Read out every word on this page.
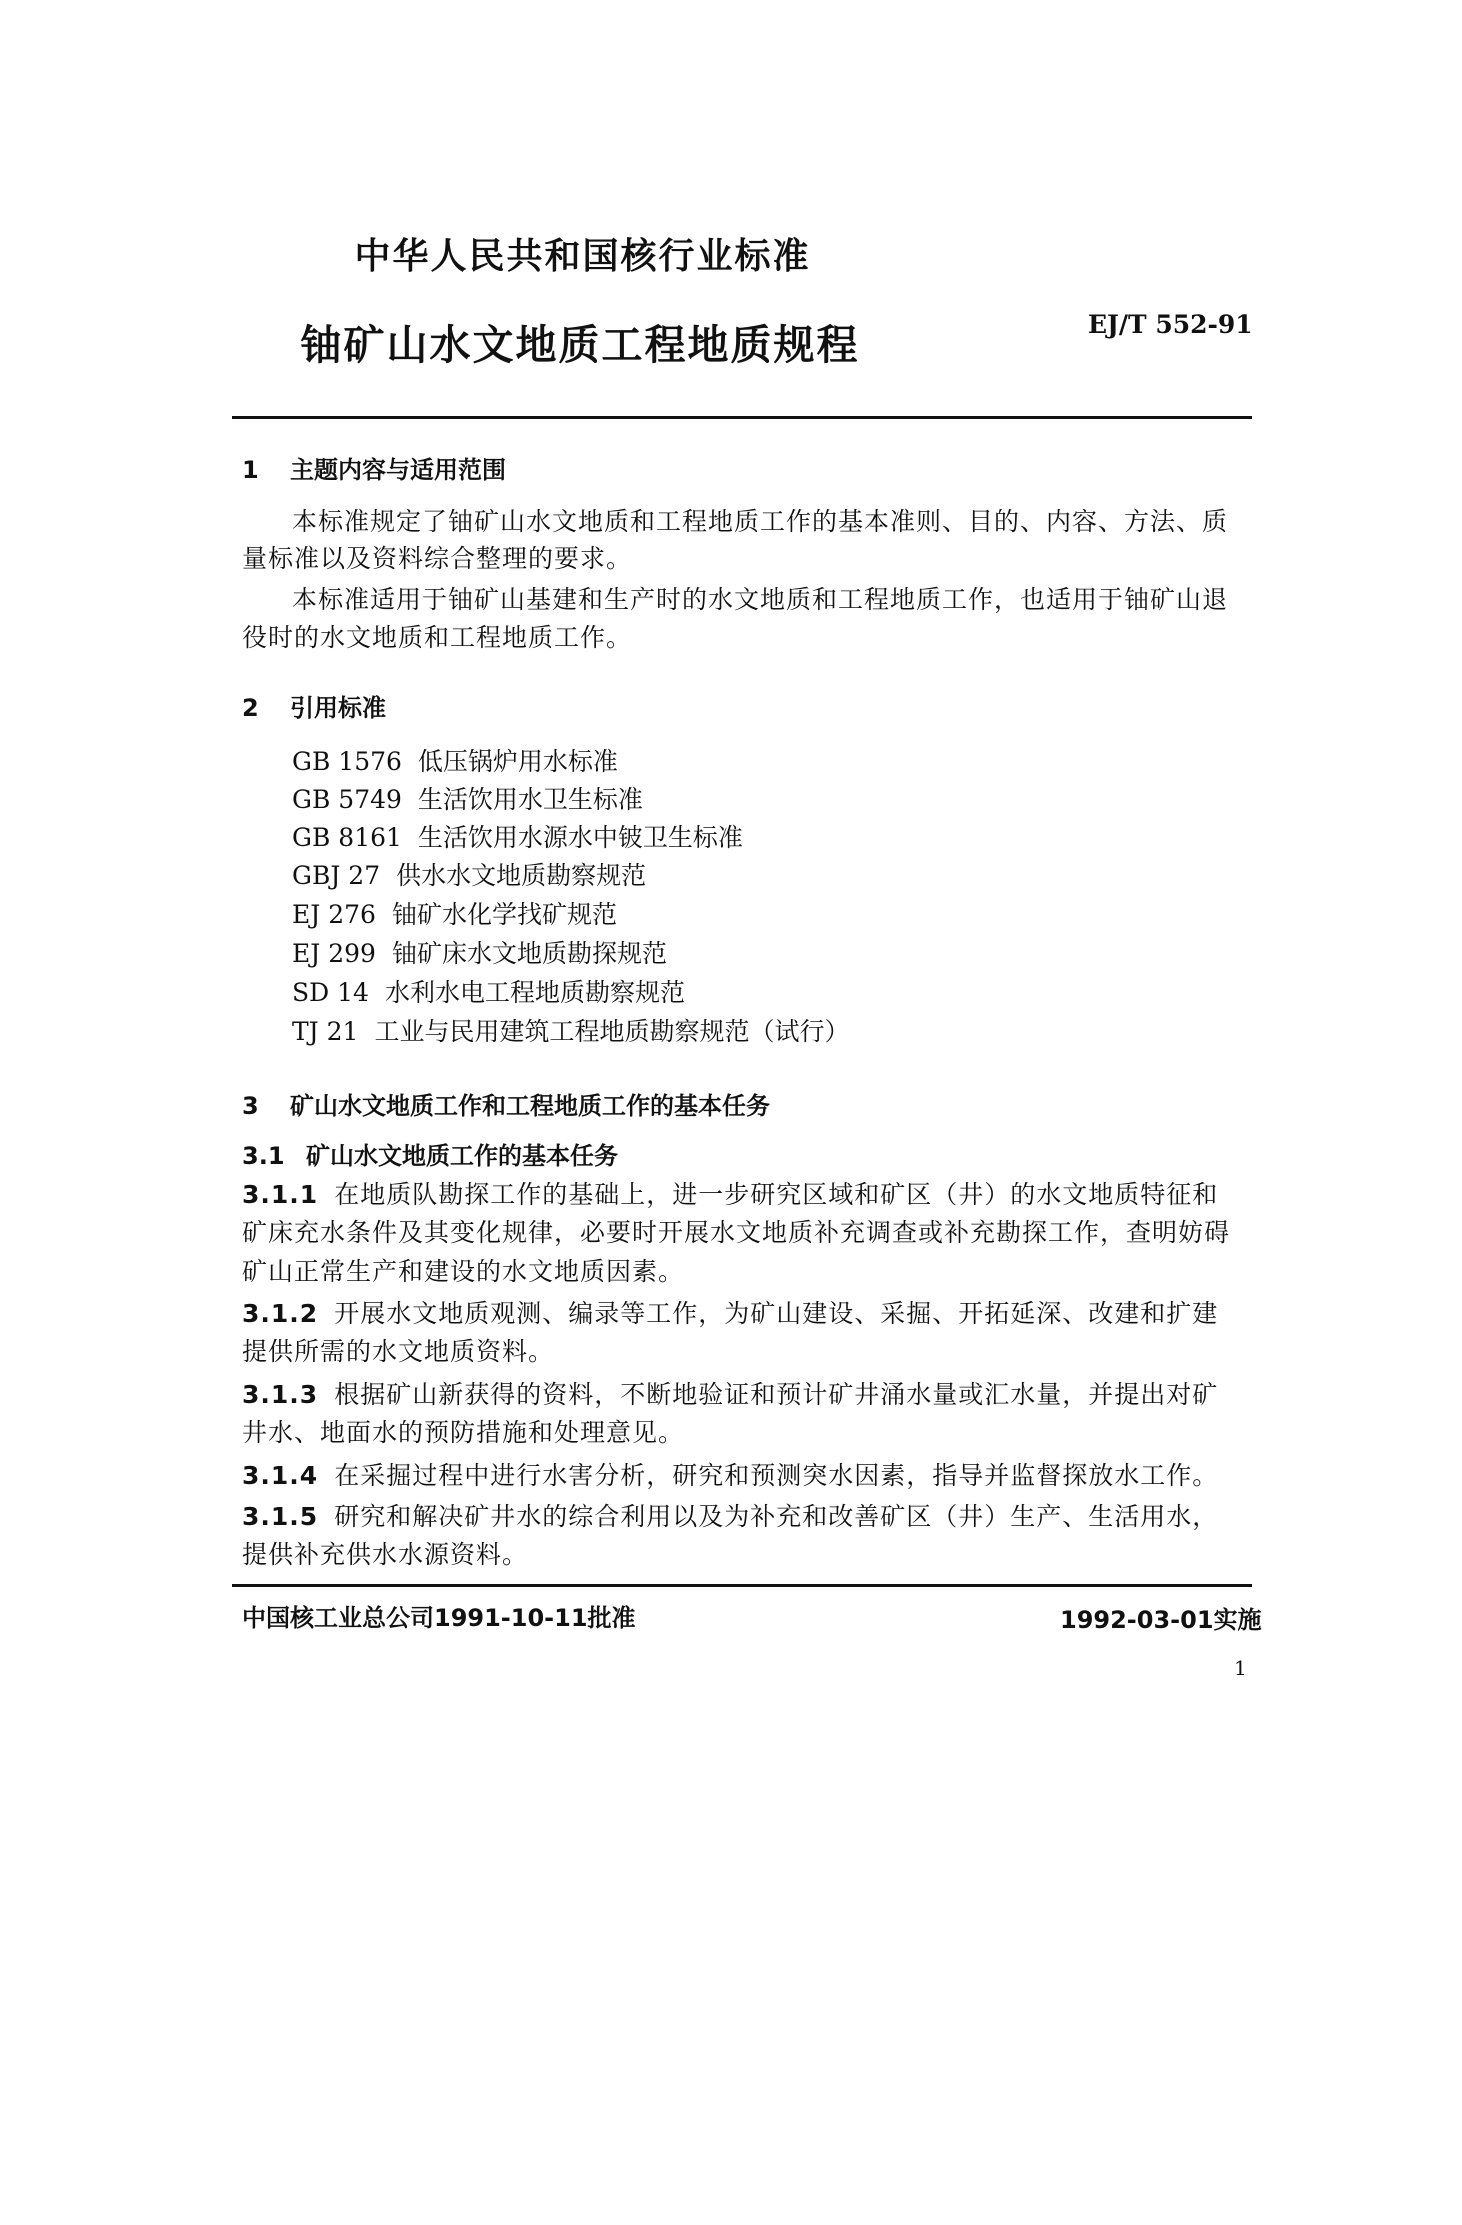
中华人民共和国核行业标准
铀矿山水文地质工程地质规程	EJ/T 552-91
1 主题内容与适用范围
本标准规定了铀矿山水文地质和工程地质工作的基本准则、目的、内容、方法、质
量标准以及资料综合整理的要求。
本标准适用于铀矿山基建和生产时的水文地质和工程地质工作，也适用于铀矿山退
役时的水文地质和工程地质工作。
2 引用标准
GB 1576 低压锅炉用水标准
GB 5749 生活饮用水卫生标准
GB 8161 生活饮用水源水中铍卫生标准
GBJ 27 供水水文地质勘察规范
EJ 276 铀矿水化学找矿规范
EJ 299 铀矿床水文地质勘探规范
SD 14 水利水电工程地质勘察规范
TJ 21 工业与民用建筑工程地质勘察规范（试行）
3 矿山水文地质工作和工程地质工作的基本任务
3.1 矿山水文地质工作的基本任务
3.1.1 在地质队勘探工作的基础上，进一步研究区域和矿区（井）的水文地质特征和
矿床充水条件及其变化规律，必要时开展水文地质补充调查或补充勘探工作，查明妨碍
矿山正常生产和建设的水文地质因素。
3.1.2 开展水文地质观测、编录等工作，为矿山建设、采掘、开拓延深、改建和扩建
提供所需的水文地质资料。
3.1.3 根据矿山新获得的资料，不断地验证和预计矿井涌水量或汇水量，并提出对矿
井水、地面水的预防措施和处理意见。
3.1.4 在采掘过程中进行水害分析，研究和预测突水因素，指导并监督探放水工作。
3.1.5 研究和解决矿井水的综合利用以及为补充和改善矿区（井）生产、生活用水，
提供补充供水水源资料。
中国核工业总公司1991-10-11批准	1992-03-01实施
1
